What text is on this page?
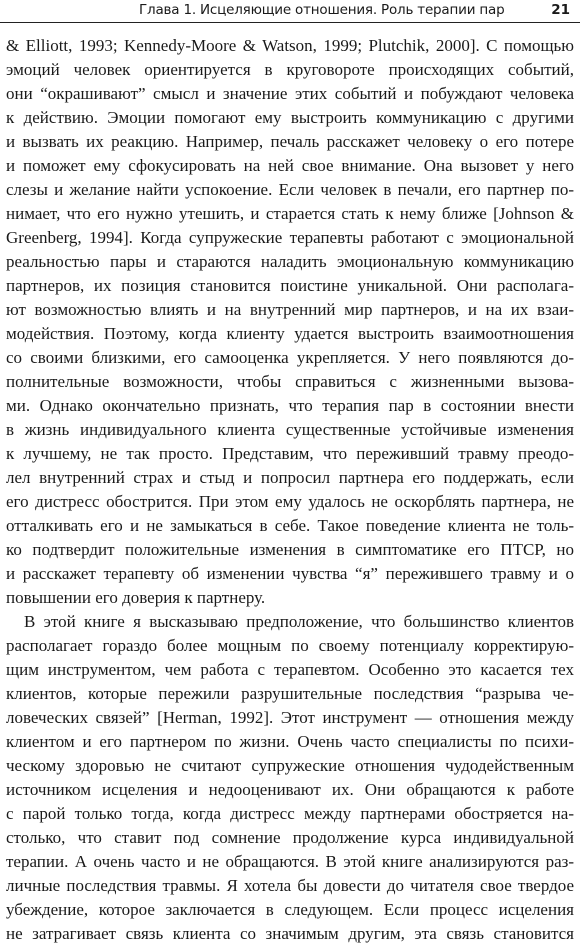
Глава 1. Исцеляющие отношения. Роль терапии пар	21

& Elliott, 1993; Kennedy-Moore & Watson, 1999; Plutchik, 2000]. С помощью
эмоций человек ориентируется в круговороте происходящих событий,
они “окрашивают” смысл и значение этих событий и побуждают человека
к действию. Эмоции помогают ему выстроить коммуникацию с другими
и вызвать их реакцию. Например, печаль расскажет человеку о его потере
и поможет ему сфокусировать на ней свое внимание. Она вызовет у него
слезы и желание найти успокоение. Если человек в печали, его партнер по-
нимает, что его нужно утешить, и старается стать к нему ближе [Johnson &
Greenberg, 1994]. Когда супружеские терапевты работают с эмоциональной
реальностью пары и стараются наладить эмоциональную коммуникацию
партнеров, их позиция становится поистине уникальной. Они располага-
ют возможностью влиять и на внутренний мир партнеров, и на их взаи-
модействия. Поэтому, когда клиенту удается выстроить взаимоотношения
со своими близкими, его самооценка укрепляется. У него появляются до-
полнительные возможности, чтобы справиться с жизненными вызова-
ми. Однако окончательно признать, что терапия пар в состоянии внести
в жизнь индивидуального клиента существенные устойчивые изменения
к лучшему, не так просто. Представим, что переживший травму преодо-
лел внутренний страх и стыд и попросил партнера его поддержать, если
его дистресс обострится. При этом ему удалось не оскорблять партнера, не
отталкивать его и не замыкаться в себе. Такое поведение клиента не толь-
ко подтвердит положительные изменения в симптоматике его ПТСР, но
и расскажет терапевту об изменении чувства “я” пережившего травму и о
повышении его доверия к партнеру.

В этой книге я высказываю предположение, что большинство клиентов
располагает гораздо более мощным по своему потенциалу корректирую-
щим инструментом, чем работа с терапевтом. Особенно это касается тех
клиентов, которые пережили разрушительные последствия “разрыва че-
ловеческих связей” [Herman, 1992]. Этот инструмент — отношения между
клиентом и его партнером по жизни. Очень часто специалисты по психи-
ческому здоровью не считают супружеские отношения чудодейственным
источником исцеления и недооценивают их. Они обращаются к работе
с парой только тогда, когда дистресс между партнерами обостряется на-
столько, что ставит под сомнение продолжение курса индивидуальной
терапии. А очень часто и не обращаются. В этой книге анализируются раз-
личные последствия травмы. Я хотела бы довести до читателя свое твердое
убеждение, которое заключается в следующем. Если процесс исцеления
не затрагивает связь клиента со значимым другим, эта связь становится
